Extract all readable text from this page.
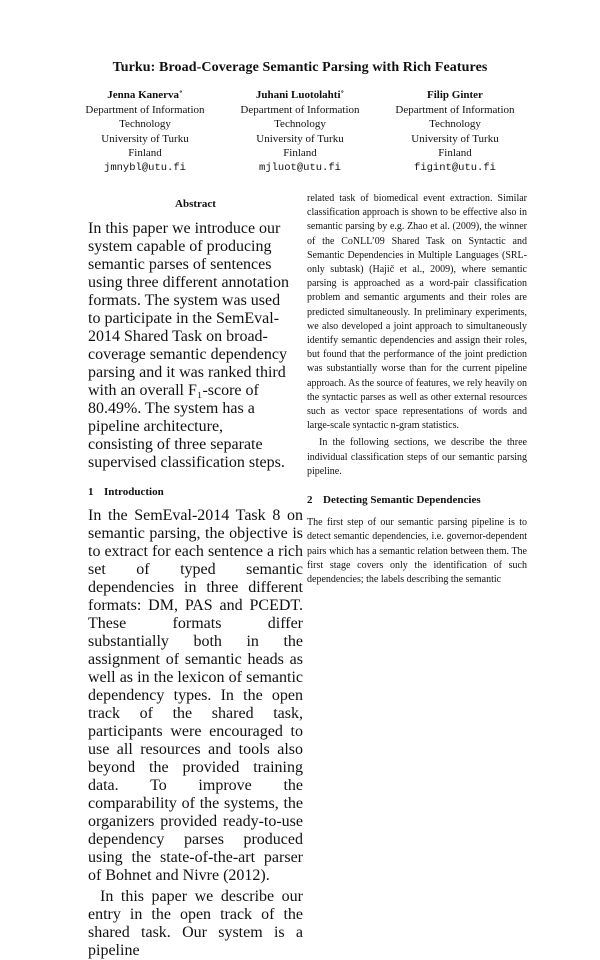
Turku: Broad-Coverage Semantic Parsing with Rich Features
Jenna Kanerva˚
Department of Information
Technology
University of Turku
Finland
jmnybl@utu.fi
Juhani Luotolahti˚
Department of Information
Technology
University of Turku
Finland
mjluot@utu.fi
Filip Ginter
Department of Information
Technology
University of Turku
Finland
figint@utu.fi
Abstract

In this paper we introduce our system capable of producing semantic parses of sentences using three different annotation formats. The system was used to participate in the SemEval-2014 Shared Task on broad-coverage semantic dependency parsing and it was ranked third with an overall F₁-score of 80.49%. The system has a pipeline architecture, consisting of three separate supervised classification steps.

1 Introduction

In the SemEval-2014 Task 8 on semantic parsing, the objective is to extract for each sentence a rich set of typed semantic dependencies in three different formats: DM, PAS and PCEDT. These formats differ substantially both in the assignment of semantic heads as well as in the lexicon of semantic dependency types. In the open track of the shared task, participants were encouraged to use all resources and tools also beyond the provided training data. To improve the comparability of the systems, the organizers provided ready-to-use dependency parses produced using the state-of-the-art parser of Bohnet and Nivre (2012).

In this paper we describe our entry in the open track of the shared task. Our system is a pipeline

related task of biomedical event extraction. Similar classification approach is shown to be effective also in semantic parsing by e.g. Zhao et al. (2009), the winner of the CoNLL’09 Shared Task on Syntactic and Semantic Dependencies in Multiple Languages (SRL-only subtask) (Hajič et al., 2009), where semantic parsing is approached as a word-pair classification problem and semantic arguments and their roles are predicted simultaneously. In preliminary experiments, we also developed a joint approach to simultaneously identify semantic dependencies and assign their roles, but found that the performance of the joint prediction was substantially worse than for the current pipeline approach. As the source of features, we rely heavily on the syntactic parses as well as other external resources such as vector space representations of words and large-scale syntactic n-gram statistics.

In the following sections, we describe the three individual classification steps of our semantic parsing pipeline.

2 Detecting Semantic Dependencies

The first step of our semantic parsing pipeline is to detect semantic dependencies, i.e. governor-dependent pairs which has a semantic relation between them. The first stage covers only the identification of such dependencies; the labels describing the semantic
